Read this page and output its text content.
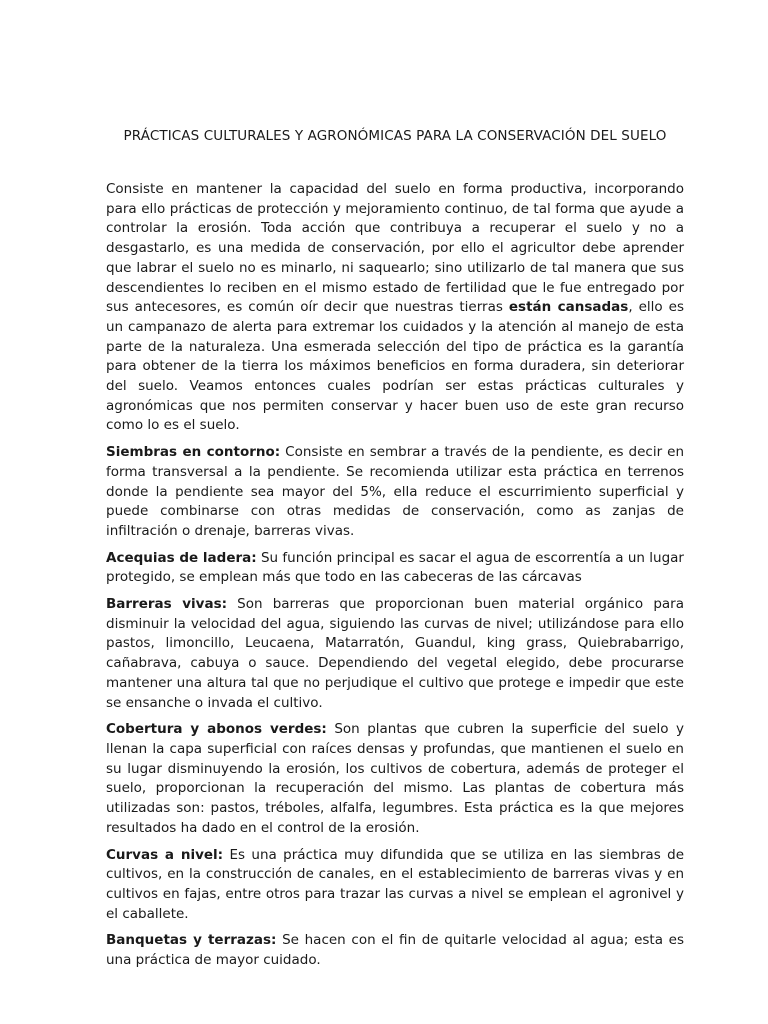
PRÁCTICAS CULTURALES Y AGRONÓMICAS PARA LA CONSERVACIÓN DEL SUELO

Consiste en mantener la capacidad del suelo en forma productiva, incorporando para ello prácticas de protección y mejoramiento continuo, de tal forma que ayude a controlar la erosión. Toda acción que contribuya a recuperar el suelo y no a desgastarlo, es una medida de conservación, por ello el agricultor debe aprender que labrar el suelo no es minarlo, ni saquearlo; sino utilizarlo de tal manera que sus descendientes lo reciben en el mismo estado de fertilidad que le fue entregado por sus antecesores, es común oír decir que nuestras tierras están cansadas, ello es un campanazo de alerta para extremar los cuidados y la atención al manejo de esta parte de la naturaleza. Una esmerada selección del tipo de práctica es la garantía para obtener de la tierra los máximos beneficios en forma duradera, sin deteriorar del suelo. Veamos entonces cuales podrían ser estas prácticas culturales y agronómicas que nos permiten conservar y hacer buen uso de este gran recurso como lo es el suelo.

Siembras en contorno: Consiste en sembrar a través de la pendiente, es decir en forma transversal a la pendiente. Se recomienda utilizar esta práctica en terrenos donde la pendiente sea mayor del 5%, ella reduce el escurrimiento superficial y puede combinarse con otras medidas de conservación, como as zanjas de infiltración o drenaje, barreras vivas.

Acequias de ladera: Su función principal es sacar el agua de escorrentía a un lugar protegido, se emplean más que todo en las cabeceras de las cárcavas

Barreras vivas: Son barreras que proporcionan buen material orgánico para disminuir la velocidad del agua, siguiendo las curvas de nivel; utilizándose para ello pastos, limoncillo, Leucaena, Matarratón, Guandul, king grass, Quiebrabarrigo, cañabrava, cabuya o sauce. Dependiendo del vegetal elegido, debe procurarse mantener una altura tal que no perjudique el cultivo que protege e impedir que este se ensanche o invada el cultivo.

Cobertura y abonos verdes: Son plantas que cubren la superficie del suelo y llenan la capa superficial con raíces densas y profundas, que mantienen el suelo en su lugar disminuyendo la erosión, los cultivos de cobertura, además de proteger el suelo, proporcionan la recuperación del mismo. Las plantas de cobertura más utilizadas son: pastos, tréboles, alfalfa, legumbres. Esta práctica es la que mejores resultados ha dado en el control de la erosión.

Curvas a nivel: Es una práctica muy difundida que se utiliza en las siembras de cultivos, en la construcción de canales, en el establecimiento de barreras vivas y en cultivos en fajas, entre otros para trazar las curvas a nivel se emplean el agronivel y el caballete.

Banquetas y terrazas: Se hacen con el fin de quitarle velocidad al agua; esta es una práctica de mayor cuidado.
